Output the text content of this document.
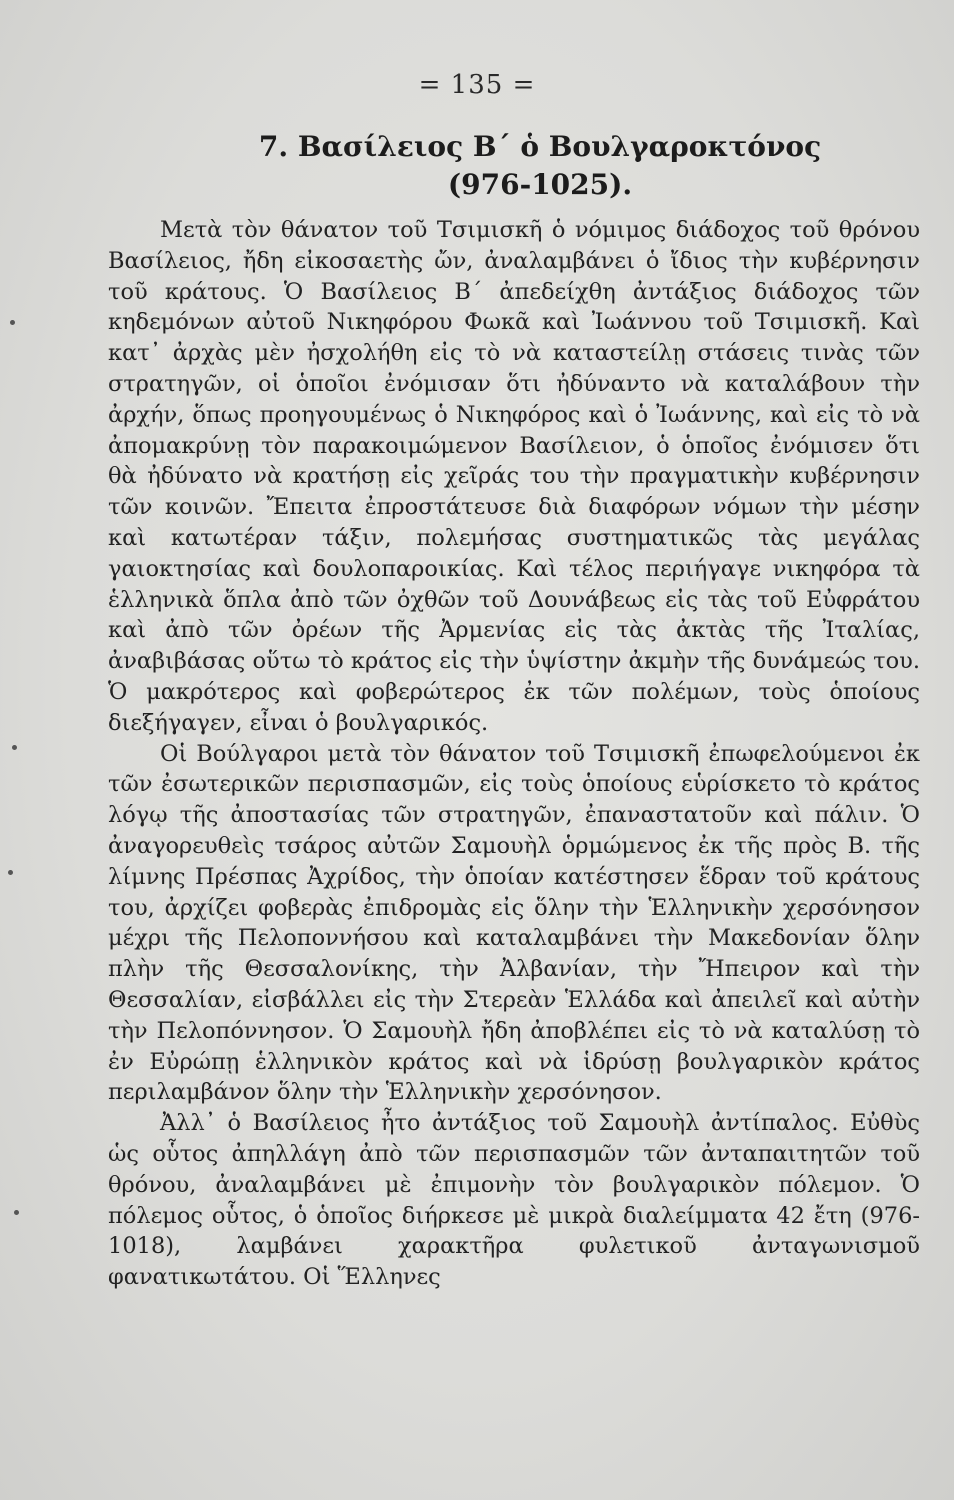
= 135 =
7. Βασίλειος Β΄ ὁ Βουλγαροκτόνος
(976-1025).

Μετὰ τὸν θάνατον τοῦ Τσιμισκῆ ὁ νόμιμος διάδοχος τοῦ θρόνου Βασίλειος, ἤδη εἰκοσαετὴς ὤν, ἀναλαμβάνει ὁ ἴδιος τὴν κυβέρνησιν τοῦ κράτους. Ὁ Βασίλειος Β΄ ἀπεδείχθη ἀντάξιος διάδοχος τῶν κηδεμόνων αὐτοῦ Νικηφόρου Φωκᾶ καὶ Ἰωάννου τοῦ Τσιμισκῆ. Καὶ κατ᾽ ἀρχὰς μὲν ἠσχολήθη εἰς τὸ νὰ καταστείλῃ στάσεις τινὰς τῶν στρατηγῶν, οἱ ὁποῖοι ἐνόμισαν ὅτι ἠδύναντο νὰ καταλάβουν τὴν ἀρχήν, ὅπως προηγουμένως ὁ Νικηφόρος καὶ ὁ Ἰωάννης, καὶ εἰς τὸ νὰ ἀπομακρύνῃ τὸν παρακοιμώμενον Βασίλειον, ὁ ὁποῖος ἐνόμισεν ὅτι θὰ ἠδύνατο νὰ κρατήσῃ εἰς χεῖράς του τὴν πραγματικὴν κυβέρνησιν τῶν κοινῶν. Ἔπειτα ἐπροστάτευσε διὰ διαφόρων νόμων τὴν μέσην καὶ κατωτέραν τάξιν, πολεμήσας συστηματικῶς τὰς μεγάλας γαιοκτησίας καὶ δουλοπαροικίας. Καὶ τέλος περιήγαγε νικηφόρα τὰ ἑλληνικὰ ὅπλα ἀπὸ τῶν ὀχθῶν τοῦ Δουνάβεως εἰς τὰς τοῦ Εὐφράτου καὶ ἀπὸ τῶν ὀρέων τῆς Ἀρμενίας εἰς τὰς ἀκτὰς τῆς Ἰταλίας, ἀναβιβάσας οὕτω τὸ κράτος εἰς τὴν ὑψίστην ἀκμὴν τῆς δυνάμεώς του. Ὁ μακρότερος καὶ φοβερώτερος ἐκ τῶν πολέμων, τοὺς ὁποίους διεξήγαγεν, εἶναι ὁ βουλγαρικός.

Οἱ Βούλγαροι μετὰ τὸν θάνατον τοῦ Τσιμισκῆ ἐπωφελούμενοι ἐκ τῶν ἐσωτερικῶν περισπασμῶν, εἰς τοὺς ὁποίους εὑρίσκετο τὸ κράτος λόγῳ τῆς ἀποστασίας τῶν στρατηγῶν, ἐπαναστατοῦν καὶ πάλιν. Ὁ ἀναγορευθεὶς τσάρος αὐτῶν Σαμουὴλ ὁρμώμενος ἐκ τῆς πρὸς Β. τῆς λίμνης Πρέσπας Ἀχρίδος, τὴν ὁποίαν κατέστησεν ἕδραν τοῦ κράτους του, ἀρχίζει φοβερὰς ἐπιδρομὰς εἰς ὅλην τὴν Ἑλληνικὴν χερσόνησον μέχρι τῆς Πελοποννήσου καὶ καταλαμβάνει τὴν Μακεδονίαν ὅλην πλὴν τῆς Θεσσαλονίκης, τὴν Ἀλβανίαν, τὴν Ἤπειρον καὶ τὴν Θεσσαλίαν, εἰσβάλλει εἰς τὴν Στερεὰν Ἑλλάδα καὶ ἀπειλεῖ καὶ αὐτὴν τὴν Πελοπόννησον. Ὁ Σαμουὴλ ἤδη ἀποβλέπει εἰς τὸ νὰ καταλύσῃ τὸ ἐν Εὐρώπῃ ἑλληνικὸν κράτος καὶ νὰ ἱδρύσῃ βουλγαρικὸν κράτος περιλαμβάνον ὅλην τὴν Ἑλληνικὴν χερσόνησον.

Ἀλλ᾽ ὁ Βασίλειος ἦτο ἀντάξιος τοῦ Σαμουὴλ ἀντίπαλος. Εὐθὺς ὡς οὗτος ἀπηλλάγη ἀπὸ τῶν περισπασμῶν τῶν ἀνταπαιτητῶν τοῦ θρόνου, ἀναλαμβάνει μὲ ἐπιμονὴν τὸν βουλγαρικὸν πόλεμον. Ὁ πόλεμος οὗτος, ὁ ὁποῖος διήρκεσε μὲ μικρὰ διαλείμματα 42 ἔτη (976-1018), λαμβάνει χαρακτῆρα φυλετικοῦ ἀνταγωνισμοῦ φανατικωτάτου. Οἱ Ἕλληνες
